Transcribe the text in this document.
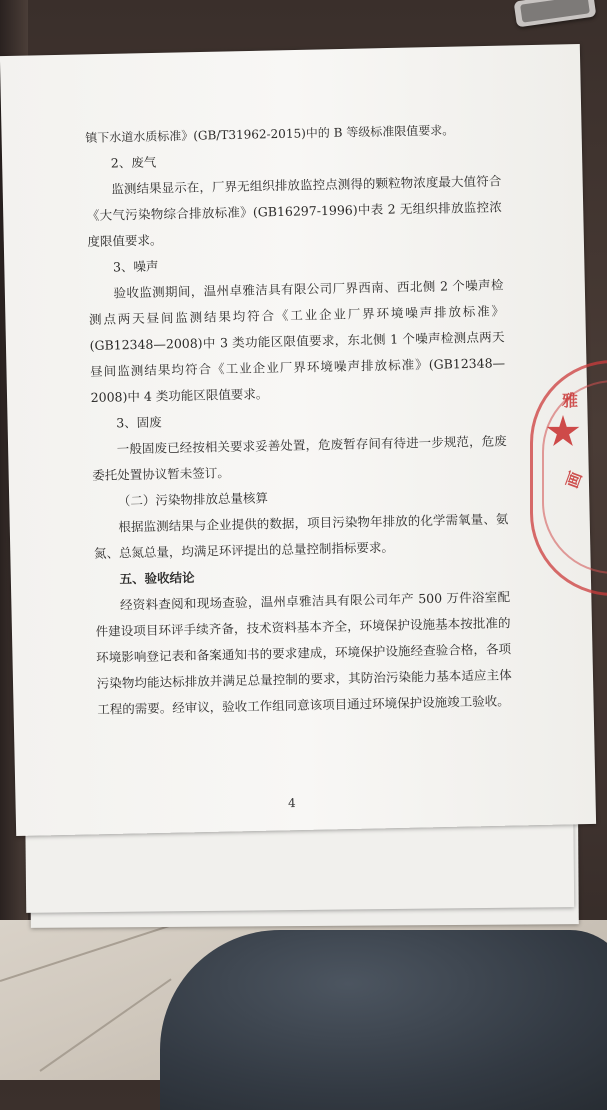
雅
画

镇下水道水质标准》(GB/T31962-2015)中的 B 等级标准限值要求。

2、废气

监测结果显示在，厂界无组织排放监控点测得的颗粒物浓度最大值符合《大气污染物综合排放标准》(GB16297-1996)中表 2 无组织排放监控浓度限值要求。

3、噪声

验收监测期间，温州卓雅洁具有限公司厂界西南、西北侧 2 个噪声检测点两天昼间监测结果均符合《工业企业厂界环境噪声排放标准》(GB12348—2008)中 3 类功能区限值要求，东北侧 1 个噪声检测点两天昼间监测结果均符合《工业企业厂界环境噪声排放标准》(GB12348—2008)中 4 类功能区限值要求。

3、固废

一般固废已经按相关要求妥善处置，危废暂存间有待进一步规范，危废委托处置协议暂未签订。

（二）污染物排放总量核算

根据监测结果与企业提供的数据，项目污染物年排放的化学需氧量、氨氮、总氮总量，均满足环评提出的总量控制指标要求。

五、验收结论

经资料查阅和现场查验，温州卓雅洁具有限公司年产 500 万件浴室配件建设项目环评手续齐备，技术资料基本齐全，环境保护设施基本按批准的环境影响登记表和备案通知书的要求建成，环境保护设施经查验合格，各项污染物均能达标排放并满足总量控制的要求，其防治污染能力基本适应主体工程的需要。经审议，验收工作组同意该项目通过环境保护设施竣工验收。

4
